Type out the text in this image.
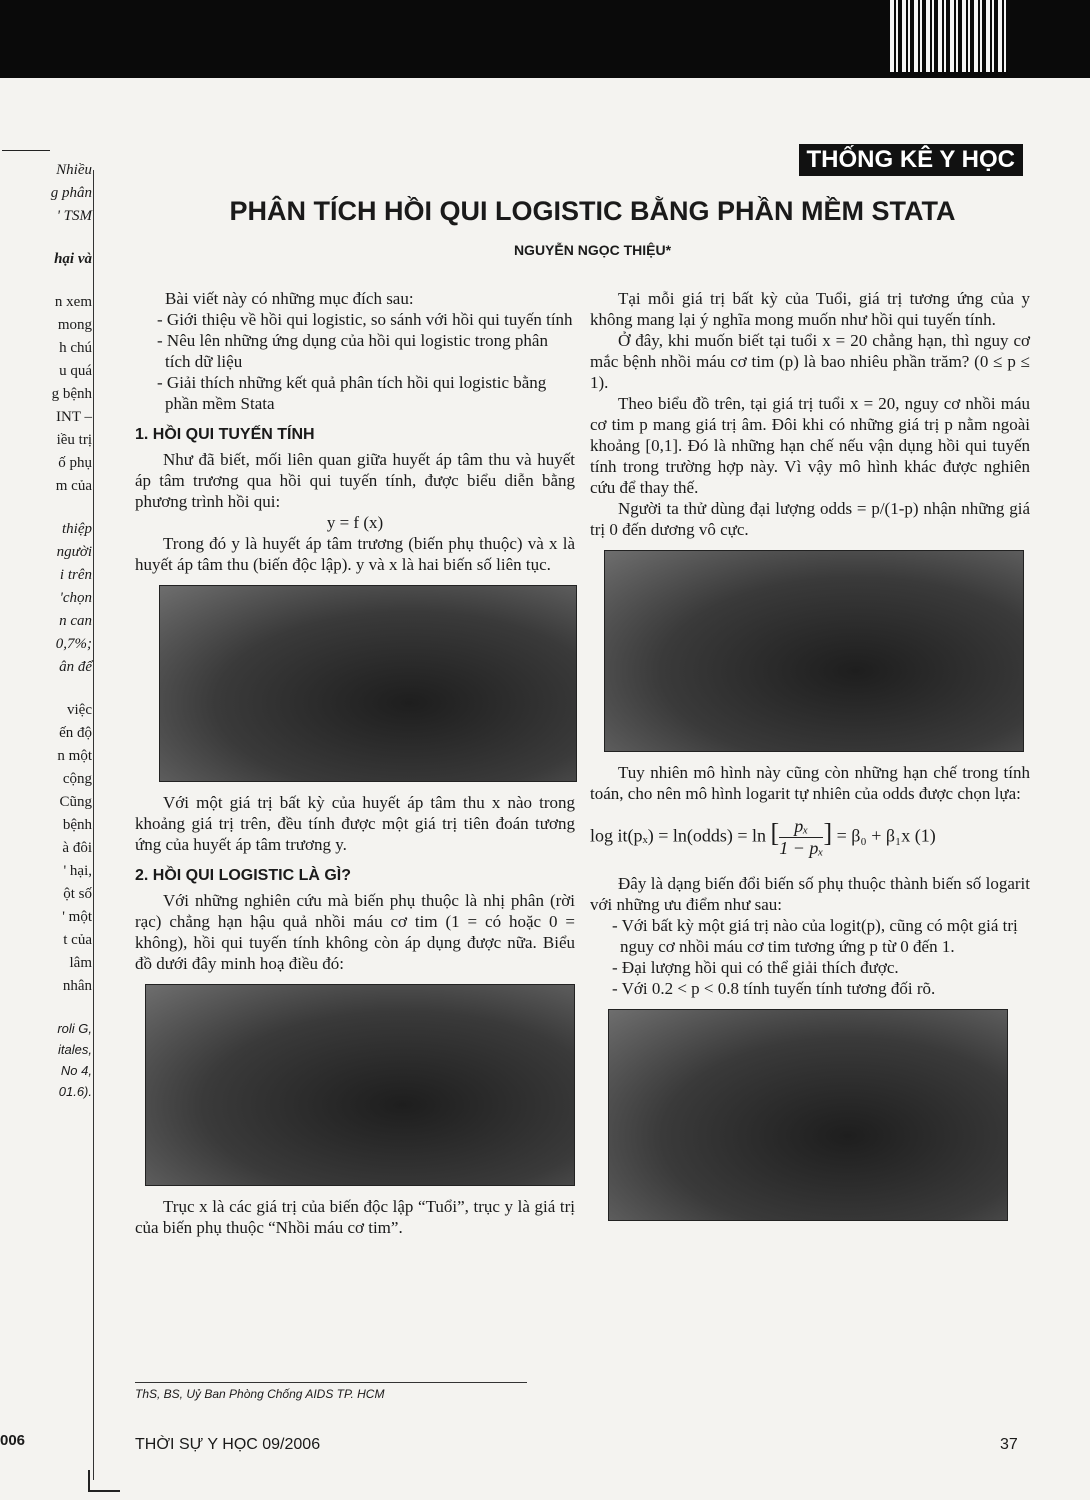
Nhiều
g phân
' TSM
hại và
n xem
mong
h chú
u quá
g bệnh
INT –
iều trị
ố phụ
m của
thiệp
người
i trên
'chọn
n can
0,7%;
ân để
việc
ến độ
n một
cộng
Cũng
bệnh
à đôi
' hại,
ột số
' một
t của
lâm
nhân
roli G,
itales,
No 4,
01.6).
006
THỐNG KÊ Y HỌC
PHÂN TÍCH HỒI QUI LOGISTIC BẰNG PHẦN MỀM STATA
NGUYỄN NGỌC THIỆU*

Bài viết này có những mục đích sau:

- Giới thiệu về hồi qui logistic, so sánh với hồi qui tuyến tính

- Nêu lên những ứng dụng của hồi qui logistic trong phân tích dữ liệu

- Giải thích những kết quả phân tích hồi qui logistic bằng phần mềm Stata

1. HỒI QUI TUYẾN TÍNH

Như đã biết, mối liên quan giữa huyết áp tâm thu và huyết áp tâm trương qua hồi qui tuyến tính, được biểu diễn bằng phương trình hồi qui:

y = f (x)

Trong đó y là huyết áp tâm trương (biến phụ thuộc) và x là huyết áp tâm thu (biến độc lập). y và x là hai biến số liên tục.

Với một giá trị bất kỳ của huyết áp tâm thu x nào trong khoảng giá trị trên, đều tính được một giá trị tiên đoán tương ứng của huyết áp tâm trương y.

2. HỒI QUI LOGISTIC LÀ GÌ?

Với những nghiên cứu mà biến phụ thuộc là nhị phân (rời rạc) chẳng hạn hậu quả nhồi máu cơ tim (1 = có hoặc 0 = không), hồi qui tuyến tính không còn áp dụng được nữa. Biểu đồ dưới đây minh hoạ điều đó:

Trục x là các giá trị của biến độc lập “Tuổi”, trục y là giá trị của biến phụ thuộc “Nhồi máu cơ tim”.

Tại mỗi giá trị bất kỳ của Tuổi, giá trị tương ứng của y không mang lại ý nghĩa mong muốn như hồi qui tuyến tính.

Ở đây, khi muốn biết tại tuổi x = 20 chẳng hạn, thì nguy cơ mắc bệnh nhồi máu cơ tim (p) là bao nhiêu phần trăm? (0 ≤ p ≤ 1).

Theo biểu đồ trên, tại giá trị tuổi x = 20, nguy cơ nhồi máu cơ tim p mang giá trị âm. Đôi khi có những giá trị p nằm ngoài khoảng [0,1]. Đó là những hạn chế nếu vận dụng hồi qui tuyến tính trong trường hợp này. Vì vậy mô hình khác được nghiên cứu để thay thế.

Người ta thử dùng đại lượng odds = p/(1-p) nhận những giá trị 0 đến dương vô cực.

Tuy nhiên mô hình này cũng còn những hạn chế trong tính toán, cho nên mô hình logarit tự nhiên của odds được chọn lựa:

log it(pₓ) = ln(odds) = ln [ $\frac{\text{pₓ}}{\text{1 − pₓ}}$ ] = β₀ + β₁x (1)

Đây là dạng biến đổi biến số phụ thuộc thành biến số logarit với những ưu điểm như sau:

- Với bất kỳ một giá trị nào của logit(p), cũng có một giá trị nguy cơ nhồi máu cơ tim tương ứng p từ 0 đến 1.

- Đại lượng hồi qui có thể giải thích được.

- Với 0.2 < p < 0.8 tính tuyến tính tương đối rõ.

ThS, BS, Uỷ Ban Phòng Chống AIDS TP. HCM
THỜI SỰ Y HỌC 09/2006	37
